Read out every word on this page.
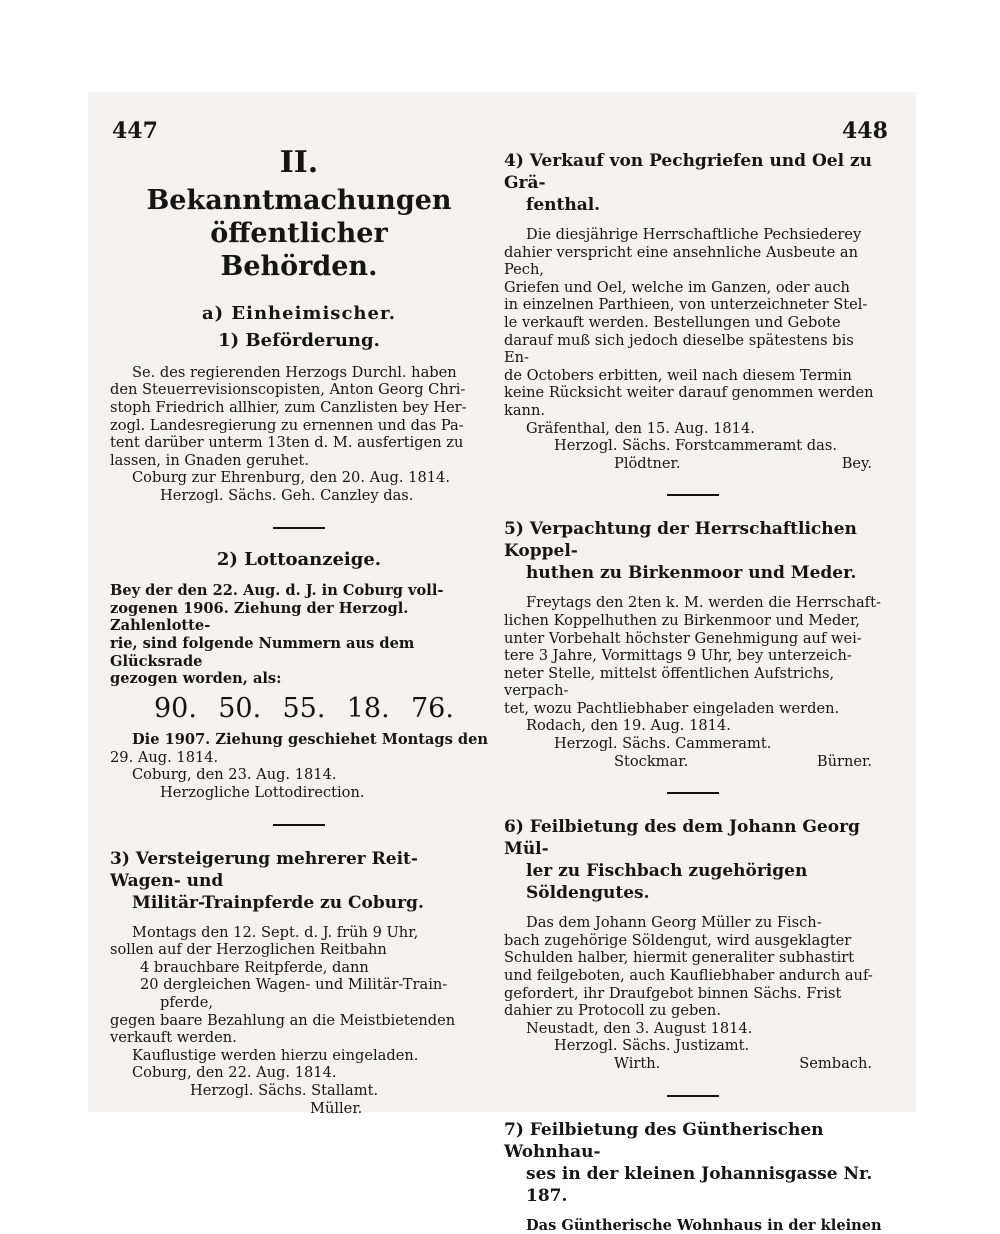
447	448
II.
Bekanntmachungen öffentlicher
Behörden.
a) Einheimischer.
1) Beförderung.
Se. des regierenden Herzogs Durchl. haben
den Steuerrevisionscopisten, Anton Georg Chri-
stoph Friedrich allhier, zum Canzlisten bey Her-
zogl. Landesregierung zu ernennen und das Pa-
tent darüber unterm 13ten d. M. ausfertigen zu
lassen, in Gnaden geruhet.
Coburg zur Ehrenburg, den 20. Aug. 1814.
Herzogl. Sächs. Geh. Canzley das.
2) Lottoanzeige.
Bey der den 22. Aug. d. J. in Coburg voll-
zogenen 1906. Ziehung der Herzogl. Zahlenlotte-
rie, sind folgende Nummern aus dem Glücksrade
gezogen worden, als:
90. 50. 55. 18. 76.
Die 1907. Ziehung geschiehet Montags den
29. Aug. 1814.
Coburg, den 23. Aug. 1814.
Herzogliche Lottodirection.
3) Versteigerung mehrerer Reit- Wagen- und
Militär-Trainpferde zu Coburg.
Montags den 12. Sept. d. J. früh 9 Uhr,
sollen auf der Herzoglichen Reitbahn
4 brauchbare Reitpferde, dann
20 dergleichen Wagen- und Militär-Train-
pferde,
gegen baare Bezahlung an die Meistbietenden
verkauft werden.
Kauflustige werden hierzu eingeladen.
Coburg, den 22. Aug. 1814.
Herzogl. Sächs. Stallamt.
Müller.
4) Verkauf von Pechgriefen und Oel zu Grä-
fenthal.
Die diesjährige Herrschaftliche Pechsiederey
dahier verspricht eine ansehnliche Ausbeute an Pech,
Griefen und Oel, welche im Ganzen, oder auch
in einzelnen Parthieen, von unterzeichneter Stel-
le verkauft werden. Bestellungen und Gebote
darauf muß sich jedoch dieselbe spätestens bis En-
de Octobers erbitten, weil nach diesem Termin
keine Rücksicht weiter darauf genommen werden
kann.
Gräfenthal, den 15. Aug. 1814.
Herzogl. Sächs. Forstcammeramt das.
Plödtner.	Bey.
5) Verpachtung der Herrschaftlichen Koppel-
huthen zu Birkenmoor und Meder.
Freytags den 2ten k. M. werden die Herrschaft-
lichen Koppelhuthen zu Birkenmoor und Meder,
unter Vorbehalt höchster Genehmigung auf wei-
tere 3 Jahre, Vormittags 9 Uhr, bey unterzeich-
neter Stelle, mittelst öffentlichen Aufstrichs, verpach-
tet, wozu Pachtliebhaber eingeladen werden.
Rodach, den 19. Aug. 1814.
Herzogl. Sächs. Cammeramt.
Stockmar.	Bürner.
6) Feilbietung des dem Johann Georg Mül-
ler zu Fischbach zugehörigen Söldengutes.
Das dem Johann Georg Müller zu Fisch-
bach zugehörige Söldengut, wird ausgeklagter
Schulden halber, hiermit generaliter subhastirt
und feilgeboten, auch Kaufliebhaber andurch auf-
gefordert, ihr Draufgebot binnen Sächs. Frist
dahier zu Protocoll zu geben.
Neustadt, den 3. August 1814.
Herzogl. Sächs. Justizamt.
Wirth.	Sembach.
7) Feilbietung des Güntherischen Wohnhau-
ses in der kleinen Johannisgasse Nr. 187.
Das Güntherische Wohnhaus in der kleinen
